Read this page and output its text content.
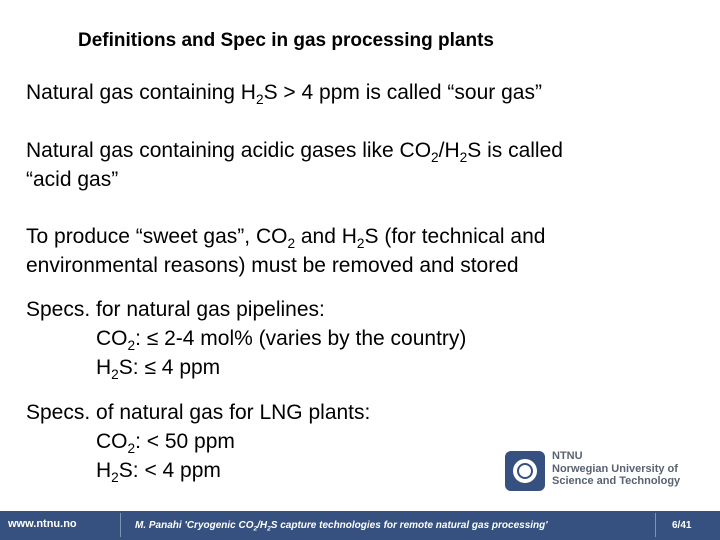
Definitions and Spec in gas processing plants
Natural gas containing $H_2S > 4$ ppm is called “sour gas”
Natural gas containing acidic gases like $CO_2/H_2S$ is called
“acid gas”
To produce “sweet gas”, $CO_2$ and $H_2S$ (for technical and
environmental reasons) must be removed and stored
Specs. for natural gas pipelines:
$CO_2$: ≤ 2-4 mol% (varies by the country)
$H_2S$: ≤ 4 ppm
Specs. of natural gas for LNG plants:
$CO_2$: < 50 ppm
$H_2S$: < 4 ppm
NTNU
Norwegian University of
Science and Technology
www.ntnu.no	M. Panahi 'Cryogenic $CO_2/H_2S$ capture technologies for remote natural gas processing'	6/41
